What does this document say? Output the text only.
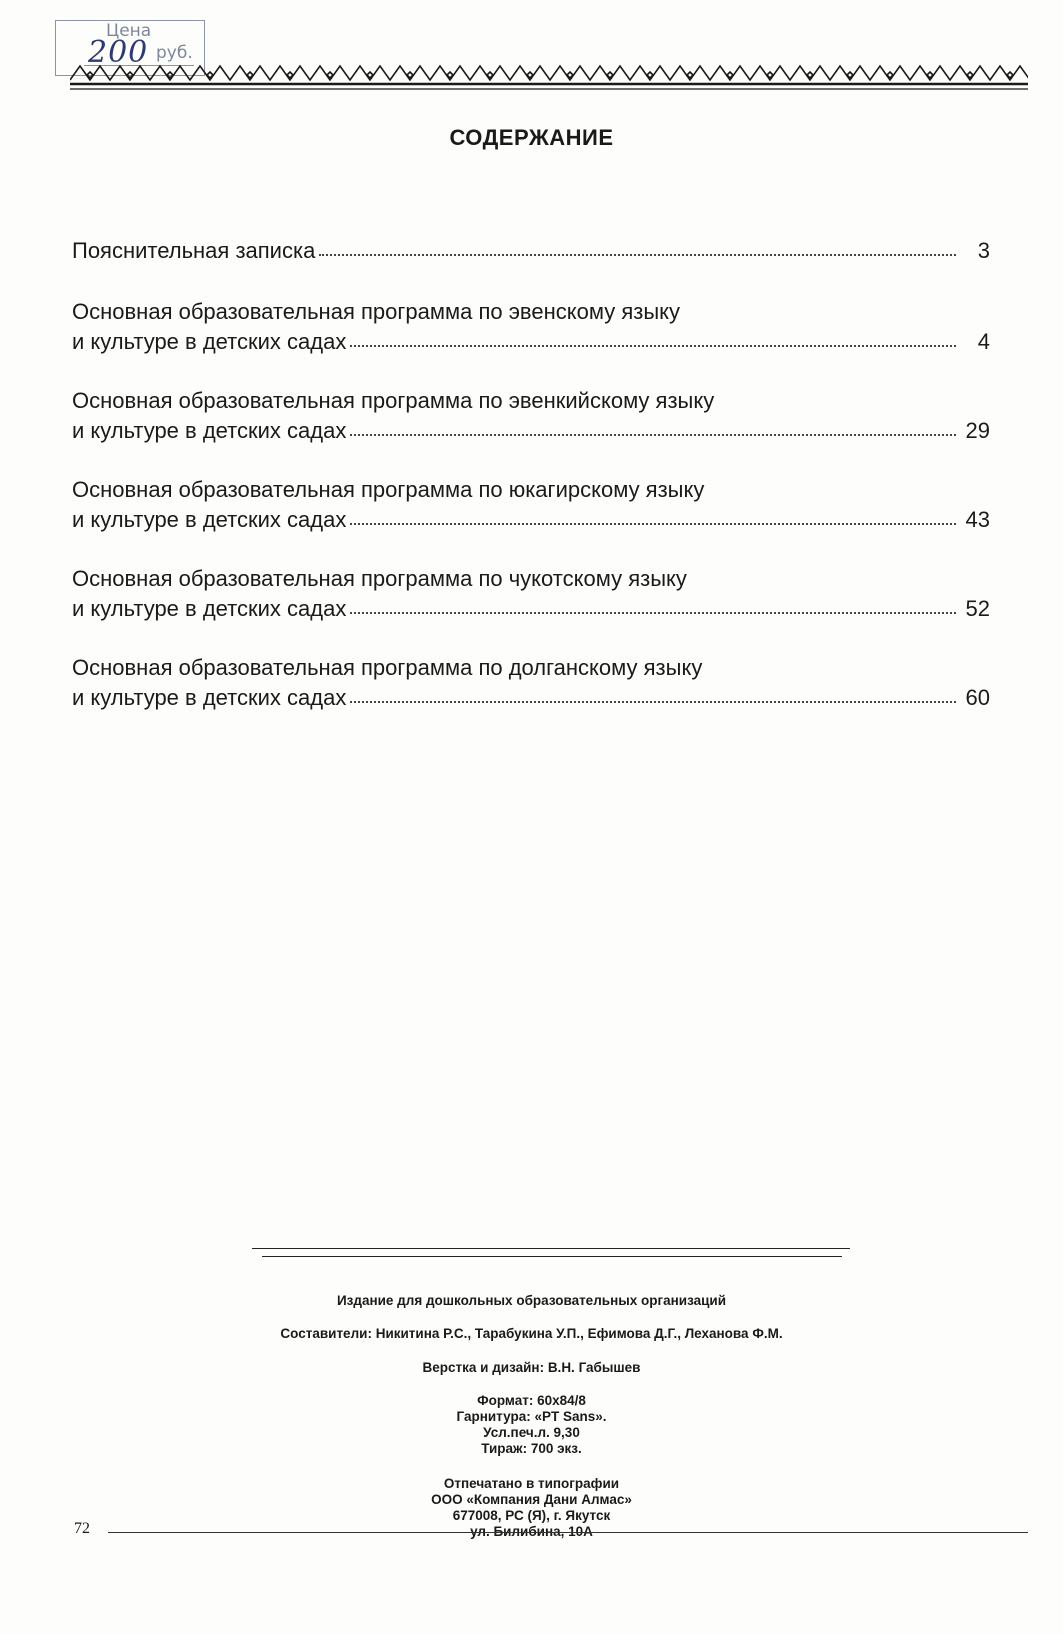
Цена
200 руб.
СОДЕРЖАНИЕ
Пояснительная записка	3
Основная образовательная программа по эвенскому языку
и культуре в детских садах	4
Основная образовательная программа по эвенкийскому языку
и культуре в детских садах	29
Основная образовательная программа по юкагирскому языку
и культуре в детских садах	43
Основная образовательная программа по чукотскому языку
и культуре в детских садах	52
Основная образовательная программа по долганскому языку
и культуре в детских садах	60
Издание для дошкольных образовательных организаций
Составители: Никитина Р.С., Тарабукина У.П., Ефимова Д.Г., Леханова Ф.М.
Верстка и дизайн: В.Н. Габышев
Формат: 60х84/8
Гарнитура: «PT Sans».
Усл.печ.л. 9,30
Тираж: 700 экз.
Отпечатано в типографии
ООО «Компания Дани Алмас»
677008, РС (Я), г. Якутск
ул. Билибина, 10А
72
